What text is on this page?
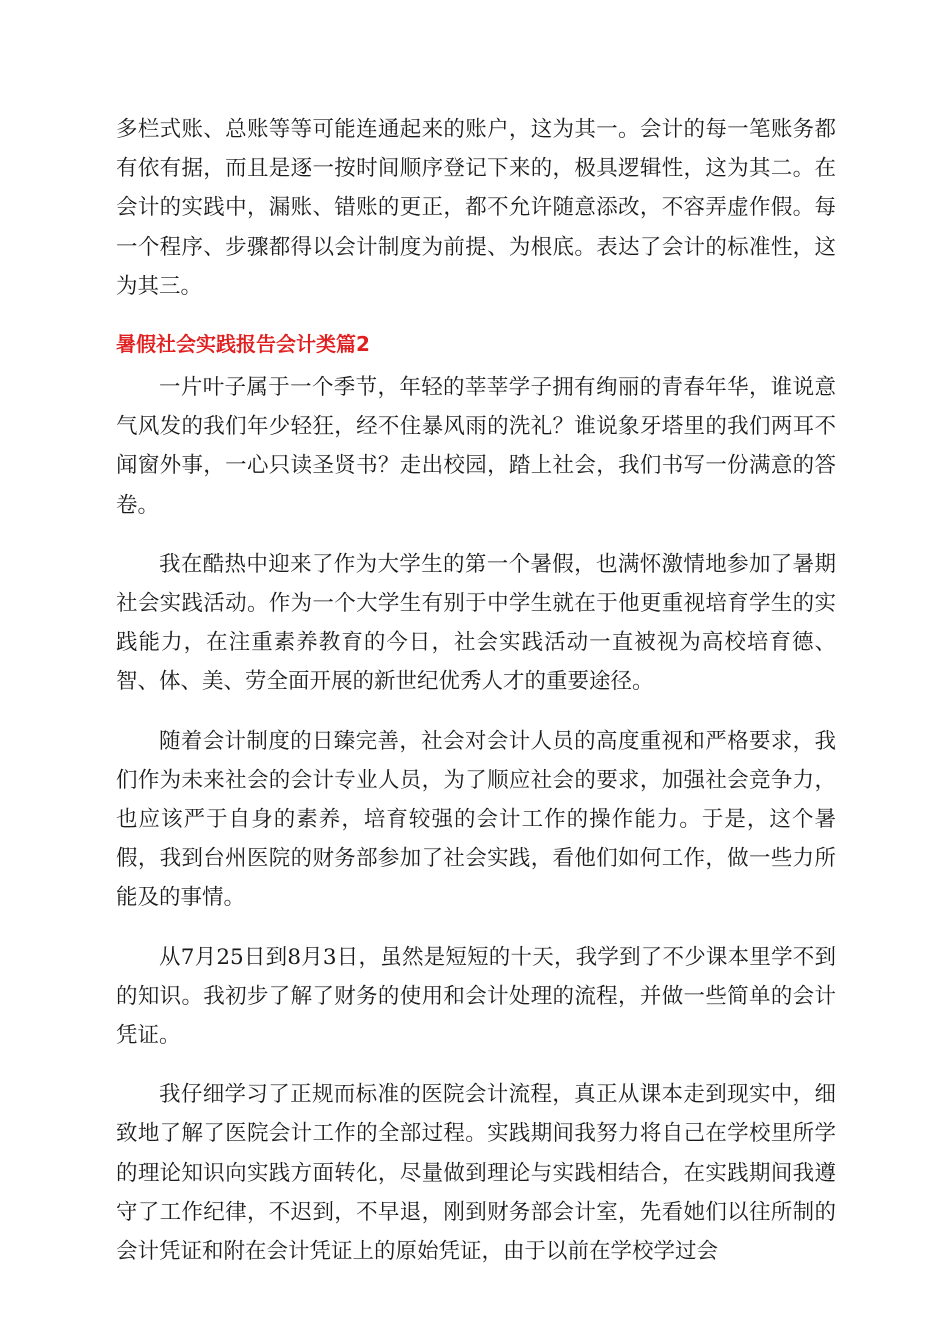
多栏式账、总账等等可能连通起来的账户，这为其一。会计的每一笔账务都有依有据，而且是逐一按时间顺序登记下来的，极具逻辑性，这为其二。在会计的实践中，漏账、错账的更正，都不允许随意添改，不容弄虚作假。每一个程序、步骤都得以会计制度为前提、为根底。表达了会计的标准性，这为其三。

暑假社会实践报告会计类篇2

一片叶子属于一个季节，年轻的莘莘学子拥有绚丽的青春年华，谁说意气风发的我们年少轻狂，经不住暴风雨的洗礼？谁说象牙塔里的我们两耳不闻窗外事，一心只读圣贤书？走出校园，踏上社会，我们书写一份满意的答卷。

我在酷热中迎来了作为大学生的第一个暑假，也满怀激情地参加了暑期社会实践活动。作为一个大学生有别于中学生就在于他更重视培育学生的实践能力，在注重素养教育的今日，社会实践活动一直被视为高校培育德、智、体、美、劳全面开展的新世纪优秀人才的重要途径。

随着会计制度的日臻完善，社会对会计人员的高度重视和严格要求，我们作为未来社会的会计专业人员，为了顺应社会的要求，加强社会竞争力，也应该严于自身的素养，培育较强的会计工作的操作能力。于是，这个暑假，我到台州医院的财务部参加了社会实践，看他们如何工作，做一些力所能及的事情。

从7月25日到8月3日，虽然是短短的十天，我学到了不少课本里学不到的知识。我初步了解了财务的使用和会计处理的流程，并做一些简单的会计凭证。

我仔细学习了正规而标准的医院会计流程，真正从课本走到现实中，细致地了解了医院会计工作的全部过程。实践期间我努力将自己在学校里所学的理论知识向实践方面转化，尽量做到理论与实践相结合，在实践期间我遵守了工作纪律，不迟到，不早退，刚到财务部会计室，先看她们以往所制的会计凭证和附在会计凭证上的原始凭证，由于以前在学校学过会
